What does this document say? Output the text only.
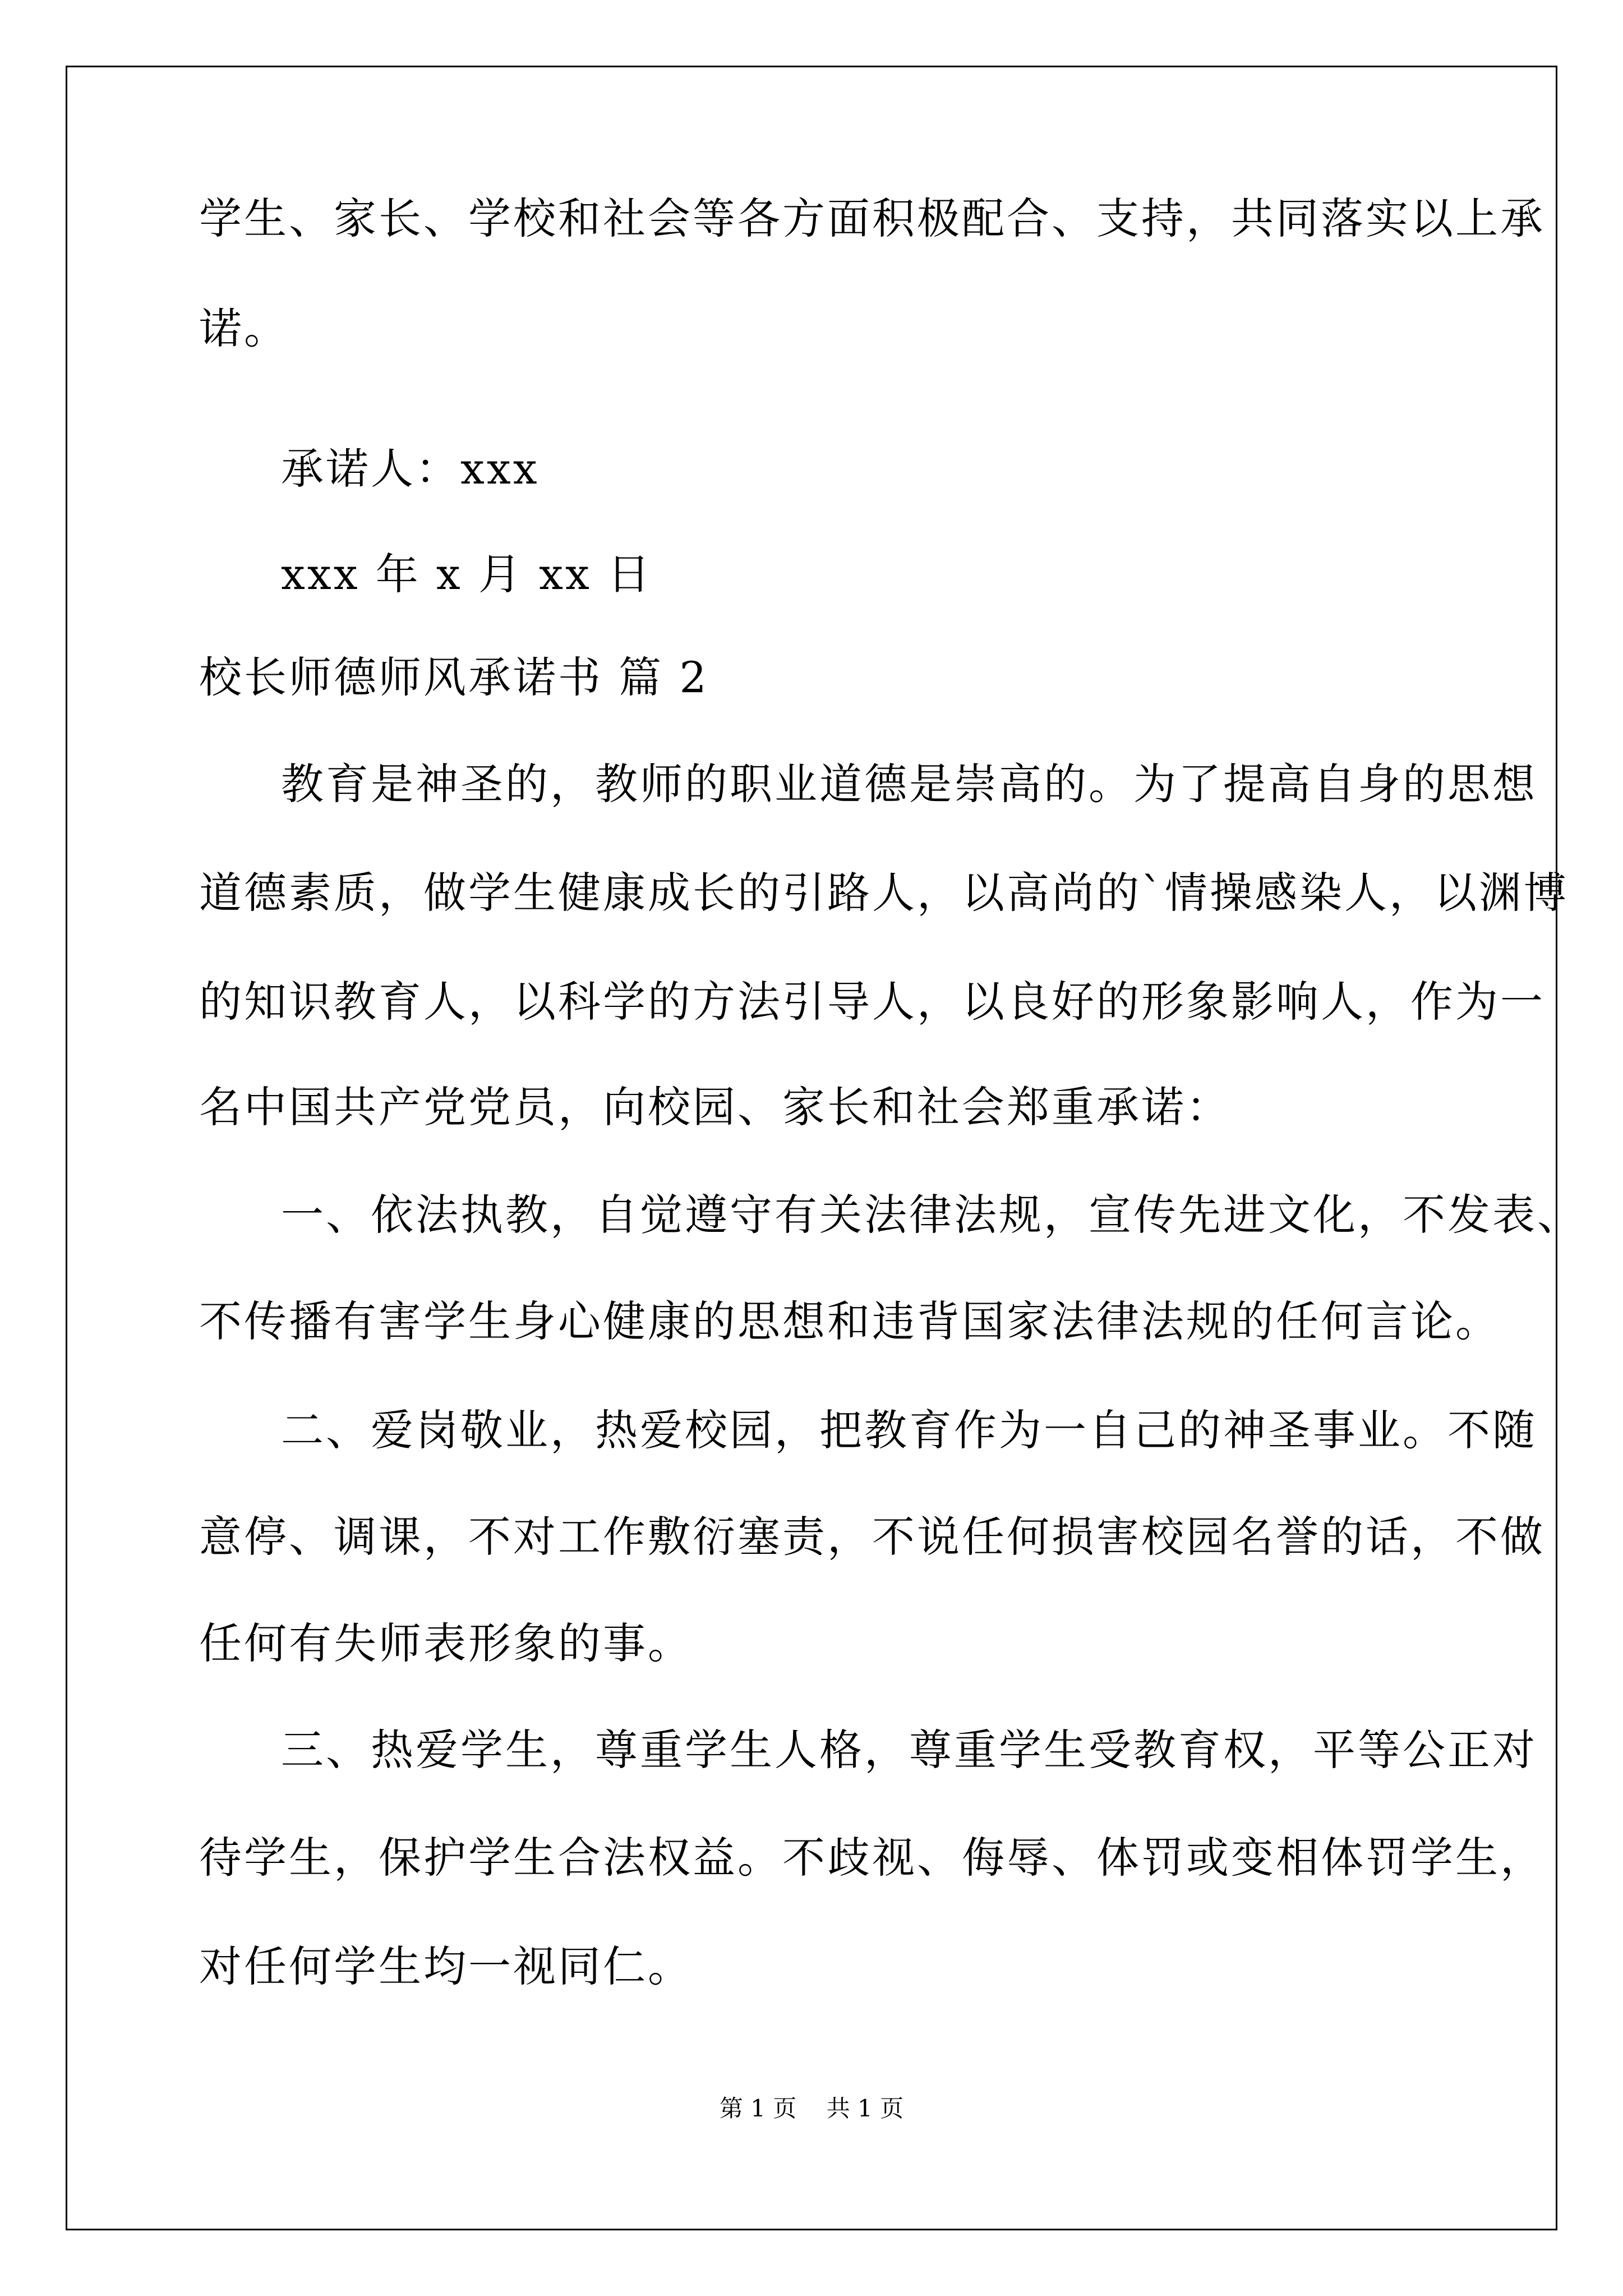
学生、家长、学校和社会等各方面积极配合、支持，共同落实以上承
诺。
承诺人：xxx
xxx 年 x 月 xx 日
校长师德师风承诺书 篇 2
教育是神圣的，教师的职业道德是崇高的。为了提高自身的思想
道德素质，做学生健康成长的引路人，以高尚的`情操感染人，以渊博
的知识教育人，以科学的方法引导人，以良好的形象影响人，作为一
名中国共产党党员，向校园、家长和社会郑重承诺：
一、依法执教，自觉遵守有关法律法规，宣传先进文化，不发表、
不传播有害学生身心健康的思想和违背国家法律法规的任何言论。
二、爱岗敬业，热爱校园，把教育作为一自己的神圣事业。不随
意停、调课，不对工作敷衍塞责，不说任何损害校园名誉的话，不做
任何有失师表形象的事。
三、热爱学生，尊重学生人格，尊重学生受教育权，平等公正对
待学生，保护学生合法权益。不歧视、侮辱、体罚或变相体罚学生，
对任何学生均一视同仁。
第 1 页    共 1 页
